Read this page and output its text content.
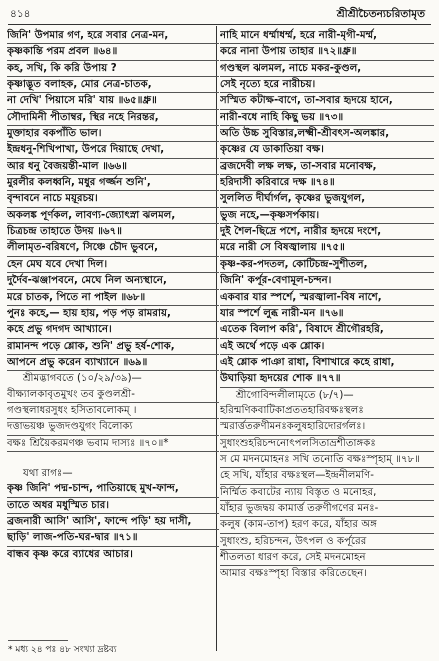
৪১৪	শ্রীশ্রীচৈতন্যচরিতামৃত
জিনি' উপমার গণ, হরে সবার নেত্র-মন,
কৃষ্ণকান্তি পরম প্রবল ॥৬৪॥
কহ, সখি, কি করি উপায় ?
কৃষ্ণাদ্ভূত বলাহক, মোর নেত্র-চাতক,
না দেখি' পিয়াসে মরি' যায় ॥৬৫॥ধ্রু॥
সৌদামিনী পীতাম্বর, স্থির নহে নিরন্তর,
মুক্তাহার বকপাঁতি ভাল।
ইন্দ্রধনু-শিখিপাখা, উপরে দিয়াছে দেখা,
আর ধনু বৈজয়ন্তী-মাল ॥৬৬॥
মুরলীর কলধ্বনি, মধুর গর্জ্জন শুনি',
বৃন্দাবনে নাচে ময়ূরচয়।
অকলঙ্ক পূর্ণকল, লাবণ্য-জ্যোৎস্না ঝলমল,
চিত্রচন্দ্র তাহাতে উদয় ॥৬৭॥
লীলামৃত-বরিষণে, সিঞ্চে চৌদ ভুবনে,
হেন মেঘ যবে দেখা দিল।
দুর্দৈব-ঝঞ্জাপবনে, মেঘে নিল অন্যস্থানে,
মরে চাতক, পিতে না পাইল ॥৬৮॥
পুনঃ কহে,— হায় হায়, পড় পড় রামরায়,
কহে প্রভু গদগদ আখ্যানে।
রামানন্দ পড়ে শ্লোক, শুনি' প্রভু হর্ষ-শোক,
আপনে প্রভু করেন ব্যাখ্যানে ॥৬৯॥
শ্রীমদ্ভাগবতে (১০/২৯/৩৯)—
বীক্ষ্যালকাবৃতমুখং তব কুণ্ডলশ্রী-
গণ্ডস্থলাধরসুধং হসিতাবলোকম্ ।
দত্তাভয়ঞ্চ ভুজদণ্ডযুগং বিলোক্য
বক্ষঃ শ্রিয়ৈকরমণঞ্চ ভবাম দাস্যঃ ॥৭০॥*
যথা রাগঃ—
কৃষ্ণ জিনি' পদ্ম-চান্দ, পাতিয়াছে মুখ-ফান্দ,
তাতে অধর মধুস্মিত চার।
ব্রজনারী আসি' আসি', ফান্দে পড়ি' হয় দাসী,
ছাড়ি' লাজ-পতি-ঘর-দ্বার ॥৭১॥
বান্ধব কৃষ্ণ করে ব্যাধের আচার।
নাহি মানে ধর্ম্মাধর্ম্ম, হরে নারী-মৃগী-মর্ম্ম,
করে নানা উপায় তাহার ॥৭২॥ধ্রু॥
গণ্ডস্থল ঝলমল, নাচে মকর-কুণ্ডল,
সেই নৃত্যে হরে নারীচয়।
সস্মিত কটাক্ষ-বাণে, তা-সবার হৃদয়ে হানে,
নারী-বধে নাহি কিছু ভয় ॥৭৩॥
অতি উচ্চ সুবিস্তার,লক্ষ্মী-শ্রীবৎস-অলঙ্কার,
কৃষ্ণের যে ডাকাতিয়া বক্ষ।
ব্রজদেবী লক্ষ লক্ষ, তা-সবার মনোবক্ষ,
হরিদাসী করিবারে দক্ষ ॥৭৪॥
সুললিত দীর্ঘার্গল, কৃষ্ণের ভুজযুগল,
ভুজ নহে,—কৃষ্ণসর্পকায়।
দুই শৈল-ছিদ্রে পশে, নারীর হৃদয়ে দংশে,
মরে নারী সে বিষজ্বালায় ॥৭৫॥
কৃষ্ণ-কর-পদতল, কোটিচন্দ্র-সুশীতল,
জিনি' কর্পূর-বেণামূল-চন্দন।
একবার যার স্পর্শে, স্মরজ্বালা-বিষ নাশে,
যার স্পর্শে লুব্ধ নারী-মন ॥৭৬॥
এতেক বিলাপ করি', বিষাদে শ্রীগৌরহরি,
এই অর্থে পড়ে এক শ্লোক।
এই শ্লোক পাঞা রাধা, বিশাখারে কহে রাধা,
উঘাড়িয়া হৃদয়ের শোক ॥৭৭॥
শ্রীগোবিন্দলীলামৃতে (৮/৭)—
হরিন্মণিকবাটিকাপ্রততহারিবক্ষঃস্থলঃ
স্মরার্ত্ততরুণীমনঃকলুষহারিদোরর্গলঃ।
সুধাংশুহরিচন্দনোৎপলসিতাভ্রশীতাঙ্গকঃ
স মে মদনমোহনঃ সখি তনোতি বক্ষঃস্পৃহাম্ ॥৭৮॥
হে সখি, যাঁহার বক্ষঃস্থল—ইন্দ্রনীলমণি-
নির্ম্মিত কবাটের ন্যায় বিস্তৃত ও মনোহর,
যাঁহার ভুজদ্বয় কামার্ত্ত তরুণীগণের মনঃ-
কলুষ (কাম-তাপ) হরণ করে, যাঁহার অঙ্গ
সুধাংশু, হরিচন্দন, উৎপল ও কর্পূরের
শীতলতা ধারণ করে, সেই মদনমোহন
আমার বক্ষঃস্পৃহা বিস্তার করিতেছেন।
* মধ্য ২৪ পঃ ৪৮ সংখ্যা দ্রষ্টব্য
